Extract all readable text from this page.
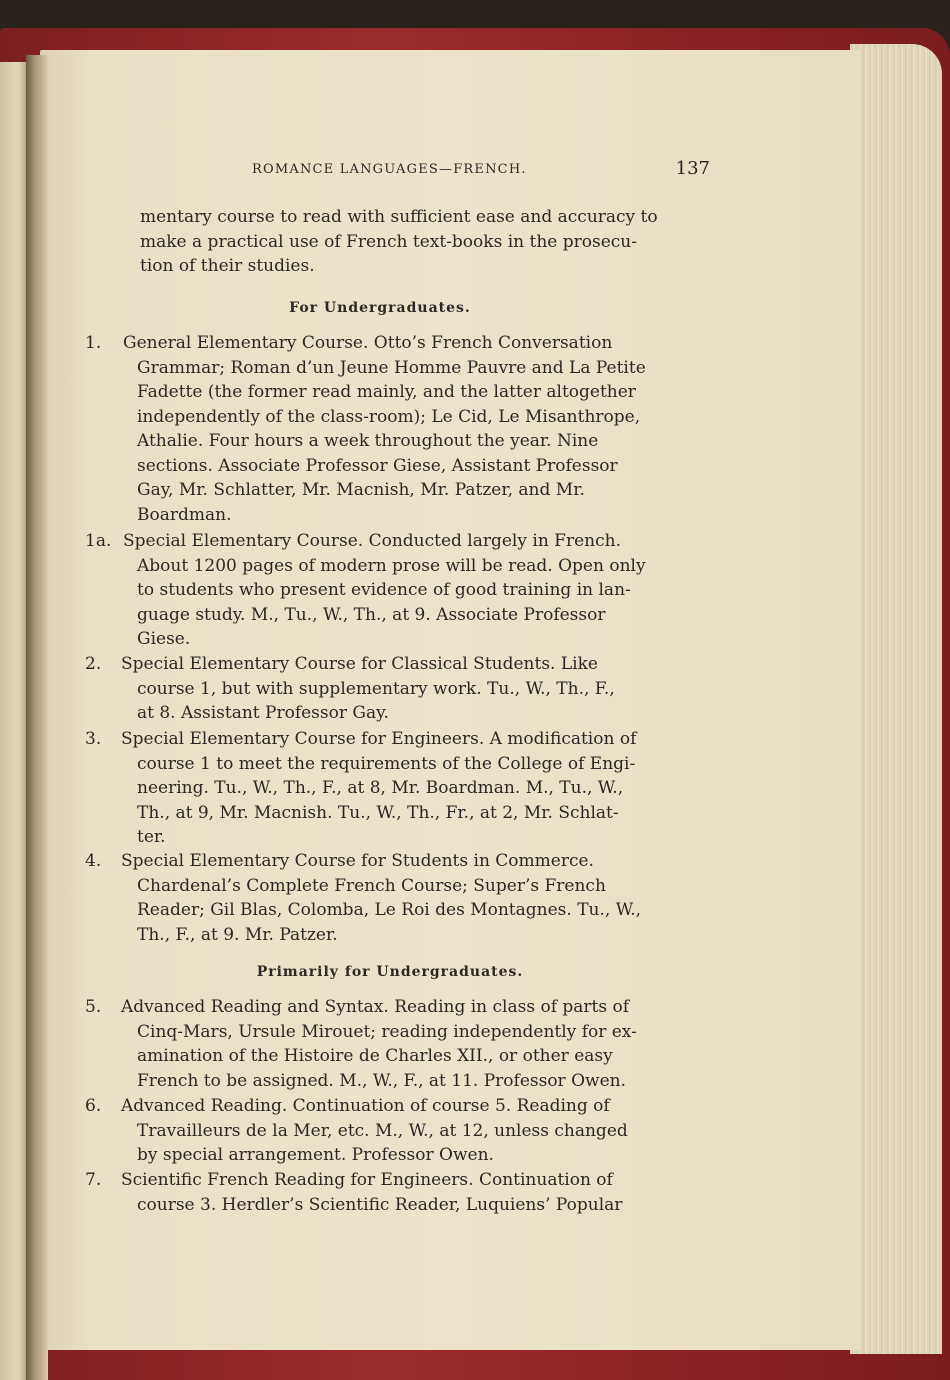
ROMANCE LANGUAGES—FRENCH.	137
mentary course to read with sufficient ease and accuracy to
make a practical use of French text-books in the prosecu-
tion of their studies.
For Undergraduates.
1.	General Elementary Course. Otto’s French Conversation
Grammar; Roman d’un Jeune Homme Pauvre and La Petite
Fadette (the former read mainly, and the latter altogether
independently of the class-room); Le Cid, Le Misanthrope,
Athalie. Four hours a week throughout the year. Nine
sections. Associate Professor Giese, Assistant Professor
Gay, Mr. Schlatter, Mr. Macnish, Mr. Patzer, and Mr.
Boardman.
1a. Special Elementary Course. Conducted largely in French.
About 1200 pages of modern prose will be read. Open only
to students who present evidence of good training in lan-
guage study. M., Tu., W., Th., at 9. Associate Professor
Giese.
2.	Special Elementary Course for Classical Students. Like
course 1, but with supplementary work. Tu., W., Th., F.,
at 8. Assistant Professor Gay.
3.	Special Elementary Course for Engineers. A modification of
course 1 to meet the requirements of the College of Engi-
neering. Tu., W., Th., F., at 8, Mr. Boardman. M., Tu., W.,
Th., at 9, Mr. Macnish. Tu., W., Th., Fr., at 2, Mr. Schlat-
ter.
4.	Special Elementary Course for Students in Commerce.
Chardenal’s Complete French Course; Super’s French
Reader; Gil Blas, Colomba, Le Roi des Montagnes. Tu., W.,
Th., F., at 9. Mr. Patzer.
Primarily for Undergraduates.
5.	Advanced Reading and Syntax. Reading in class of parts of
Cinq-Mars, Ursule Mirouet; reading independently for ex-
amination of the Histoire de Charles XII., or other easy
French to be assigned. M., W., F., at 11. Professor Owen.
6.	Advanced Reading. Continuation of course 5. Reading of
Travailleurs de la Mer, etc. M., W., at 12, unless changed
by special arrangement. Professor Owen.
7.	Scientific French Reading for Engineers. Continuation of
course 3. Herdler’s Scientific Reader, Luquiens’ Popular
